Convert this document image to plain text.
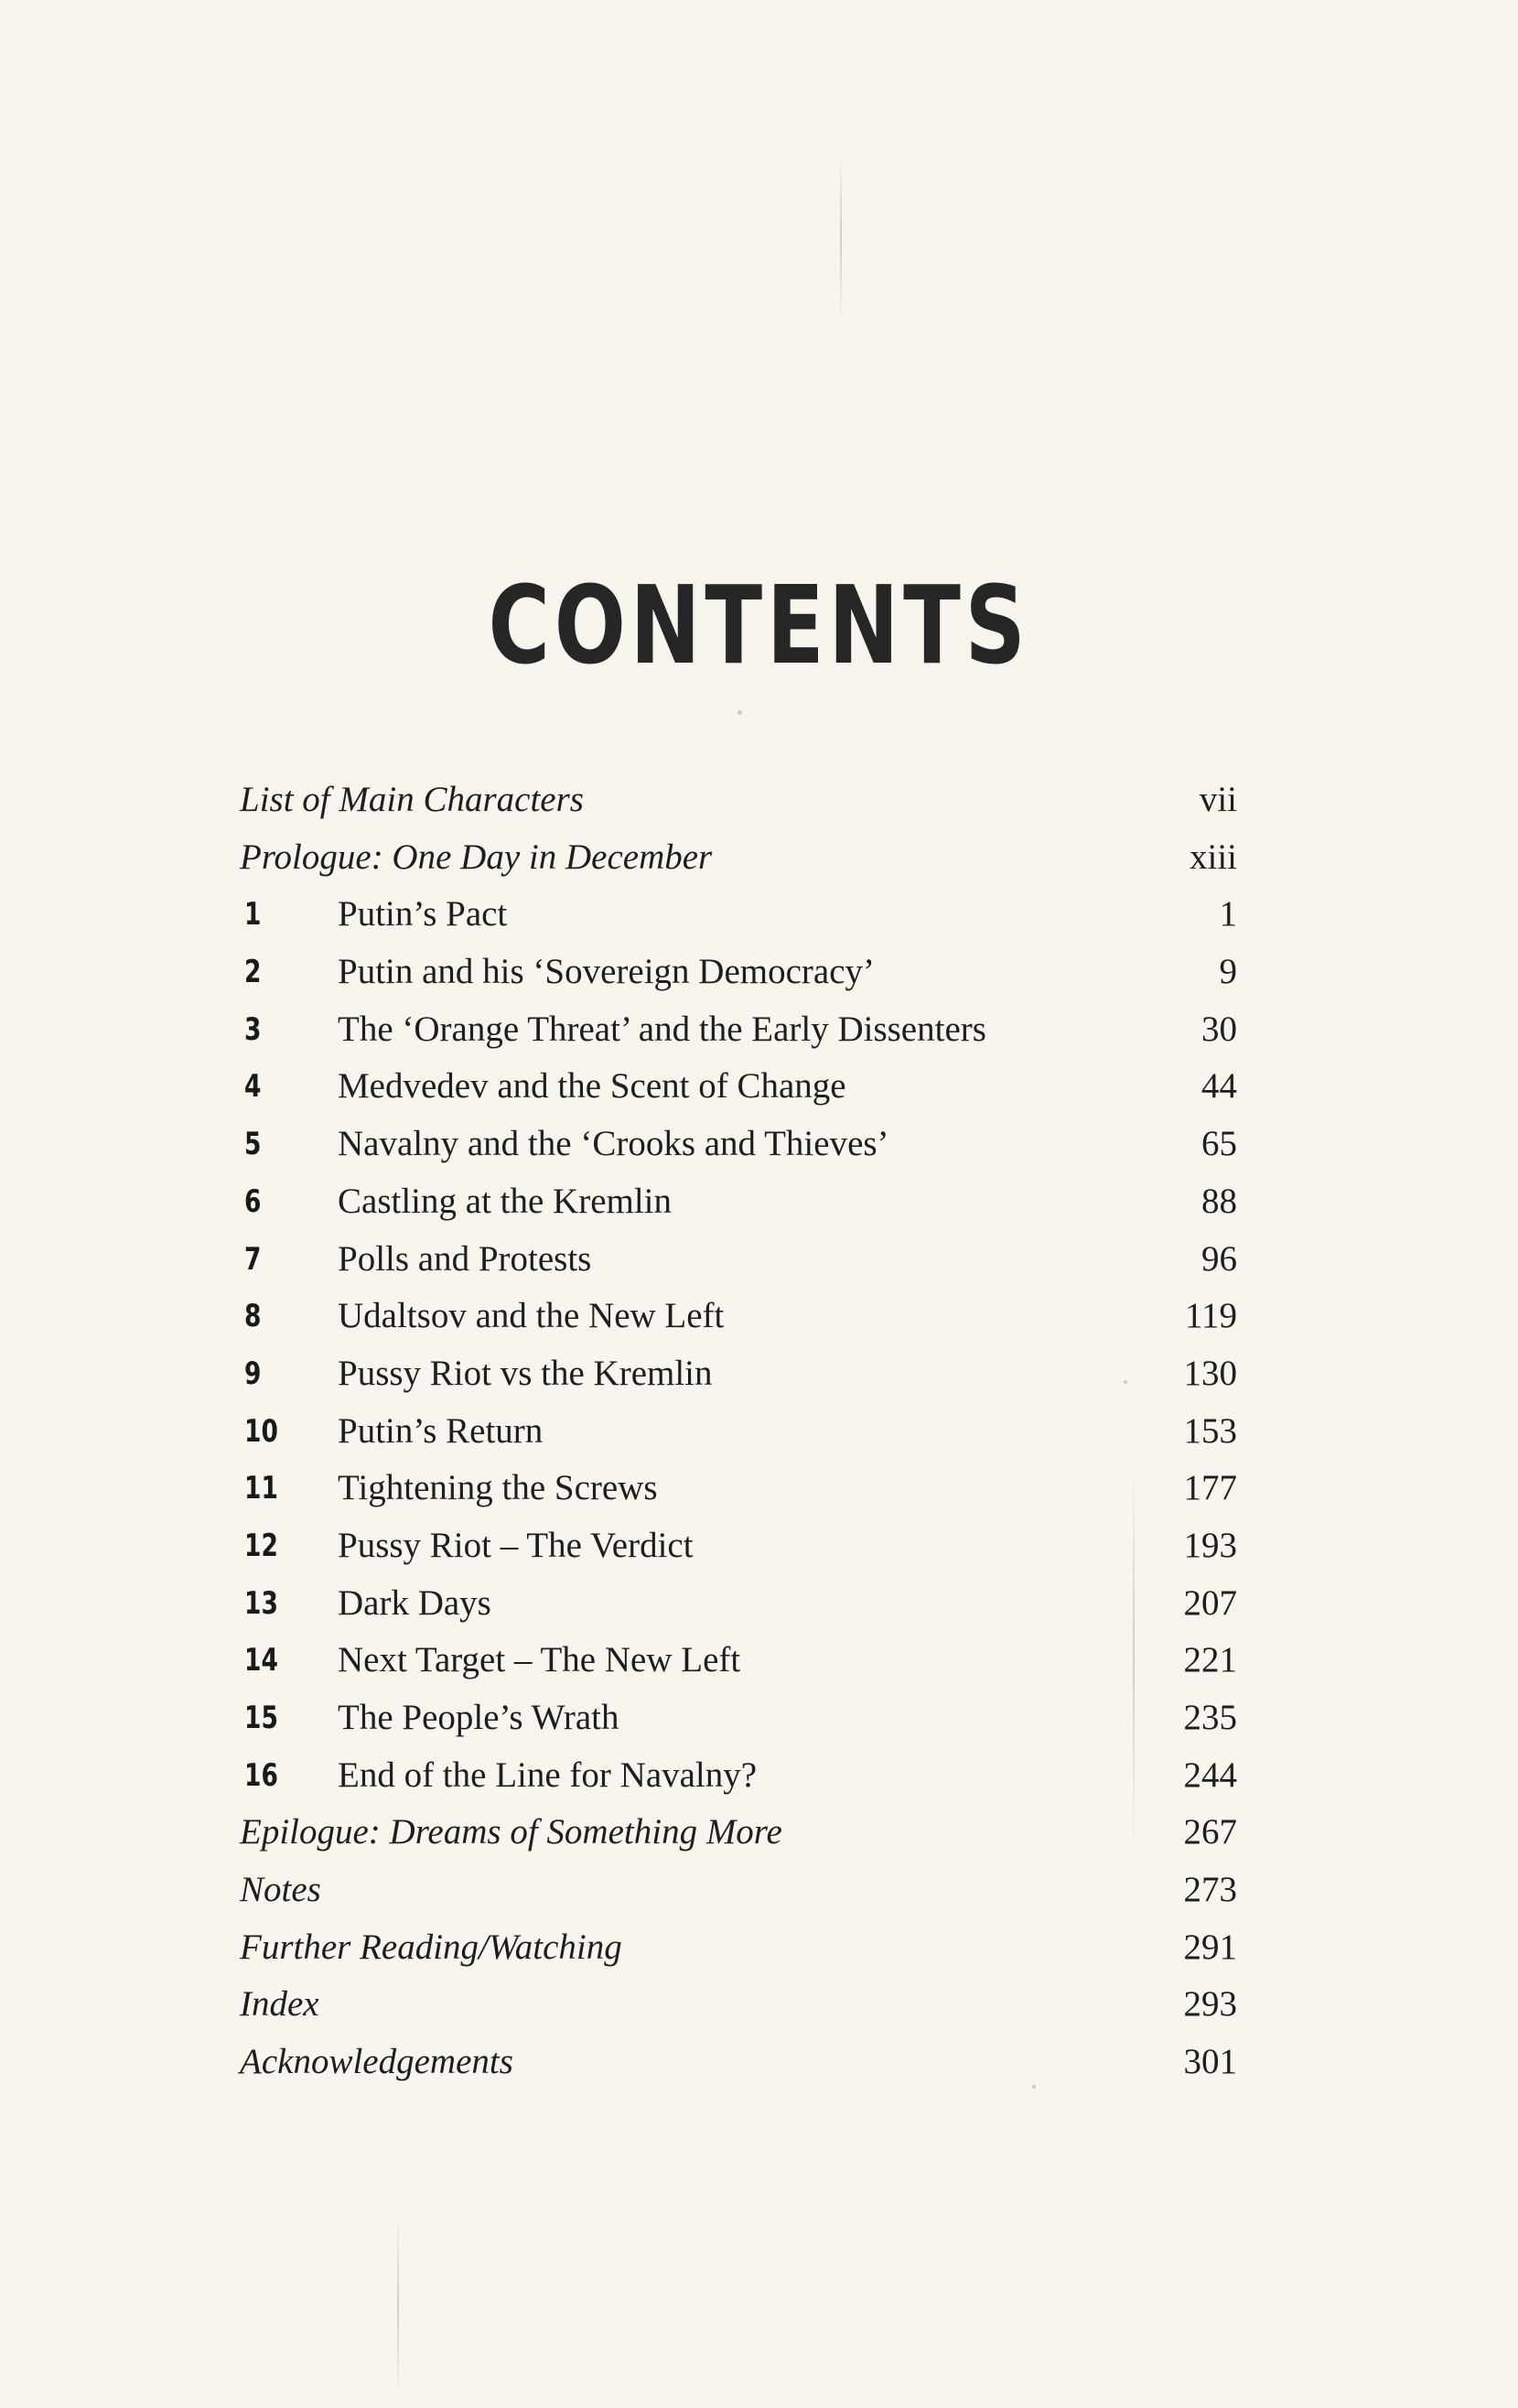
CONTENTS
List of Main Characters	vii
Prologue: One Day in December	xiii
1	Putin’s Pact	1
2	Putin and his ‘Sovereign Democracy’	9
3	The ‘Orange Threat’ and the Early Dissenters	30
4	Medvedev and the Scent of Change	44
5	Navalny and the ‘Crooks and Thieves’	65
6	Castling at the Kremlin	88
7	Polls and Protests	96
8	Udaltsov and the New Left	119
9	Pussy Riot vs the Kremlin	130
10	Putin’s Return	153
11	Tightening the Screws	177
12	Pussy Riot – The Verdict	193
13	Dark Days	207
14	Next Target – The New Left	221
15	The People’s Wrath	235
16	End of the Line for Navalny?	244
Epilogue: Dreams of Something More	267
Notes	273
Further Reading/Watching	291
Index	293
Acknowledgements	301
